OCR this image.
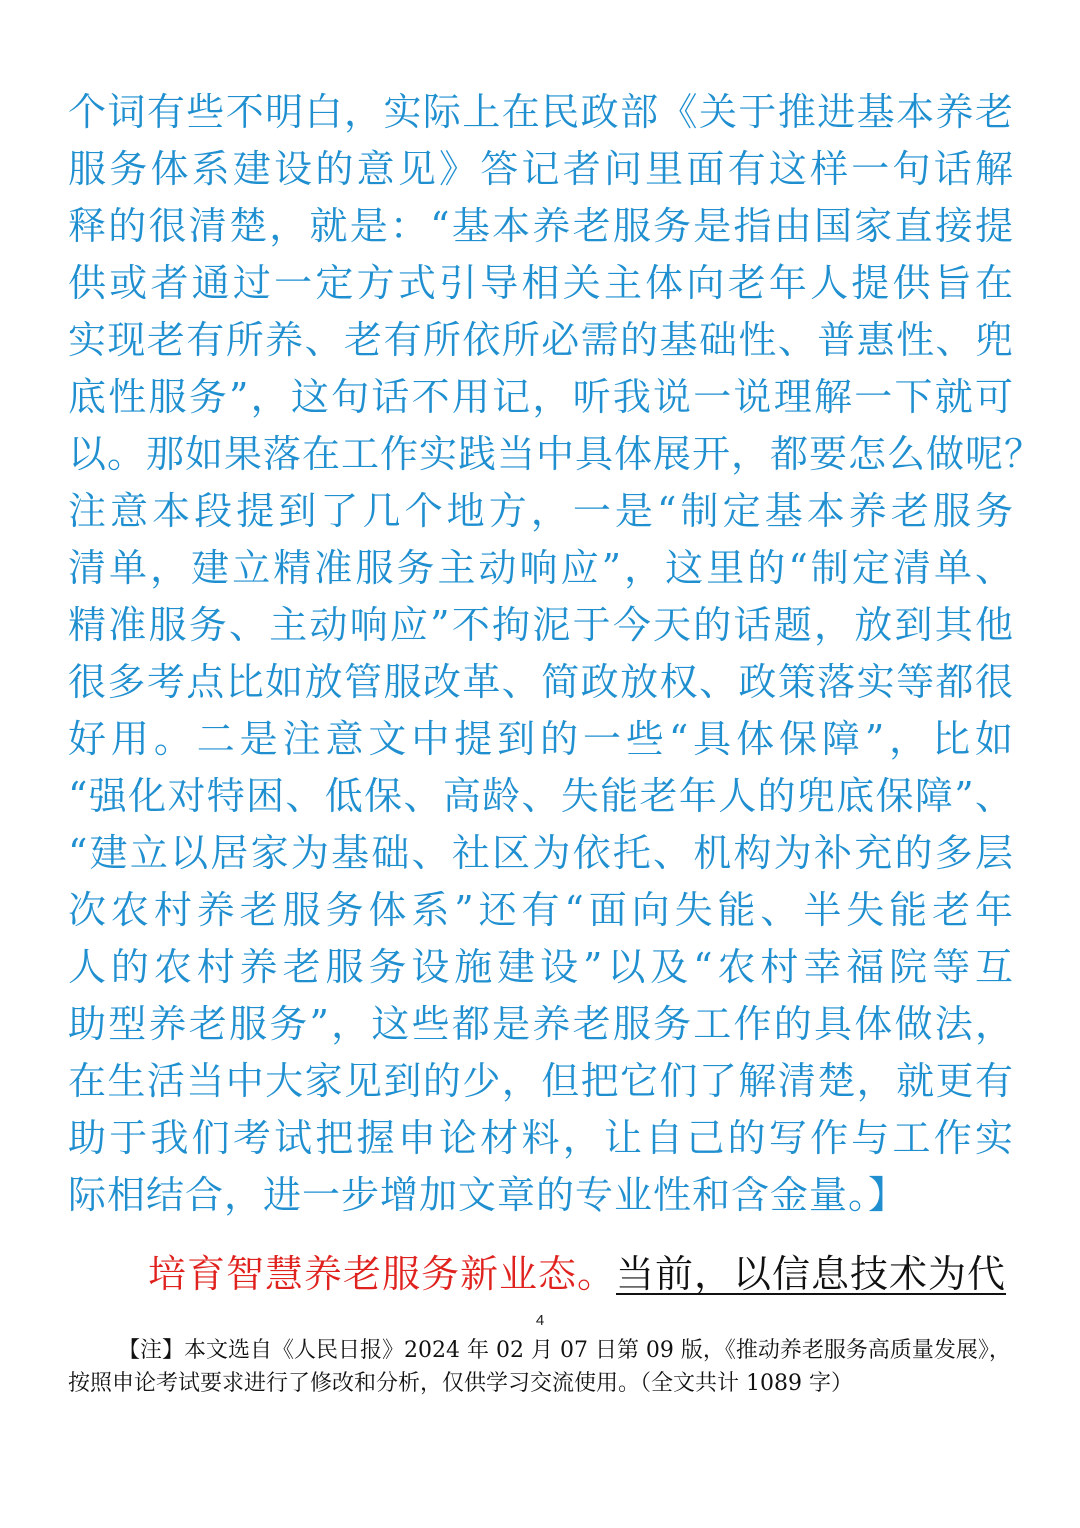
个词有些不明白，实际上在民政部《关于推进基本养老
服务体系建设的意见》答记者问里面有这样一句话解
释的很清楚，就是：“基本养老服务是指由国家直接提
供或者通过一定方式引导相关主体向老年人提供旨在
实现老有所养、老有所依所必需的基础性、普惠性、兜
底性服务”，这句话不用记，听我说一说理解一下就可
以。那如果落在工作实践当中具体展开，都要怎么做呢？
注意本段提到了几个地方，一是“制定基本养老服务
清单，建立精准服务主动响应”，这里的“制定清单、
精准服务、主动响应”不拘泥于今天的话题，放到其他
很多考点比如放管服改革、简政放权、政策落实等都很
好用。二是注意文中提到的一些“具体保障”，比如
“强化对特困、低保、高龄、失能老年人的兜底保障”、
“建立以居家为基础、社区为依托、机构为补充的多层
次农村养老服务体系”还有“面向失能、半失能老年
人的农村养老服务设施建设”以及“农村幸福院等互
助型养老服务”，这些都是养老服务工作的具体做法，
在生活当中大家见到的少，但把它们了解清楚，就更有
助于我们考试把握申论材料，让自己的写作与工作实
际相结合，进一步增加文章的专业性和含金量。】
培育智慧养老服务新业态。当前，以信息技术为代
4
【注】本文选自《人民日报》2024 年 02 月 07 日第 09 版，《推动养老服务高质量发展》，按照申论考试要求进行了修改和分析，仅供学习交流使用。（全文共计 1089 字）
